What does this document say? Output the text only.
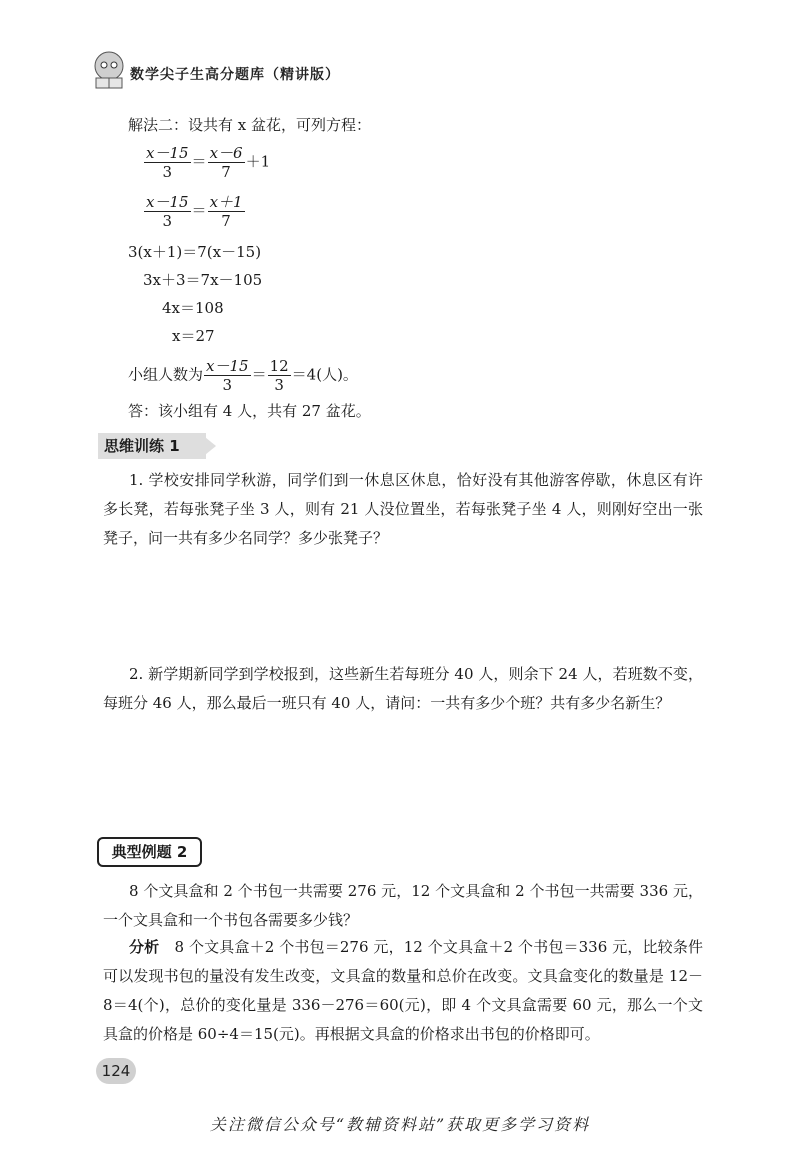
数学尖子生高分题库（精讲版）
解法二：设共有 x 盆花，可列方程：
$\frac{x-15}{3} = \frac{x-6}{7} +1$
$\frac{x-15}{3} = \frac{x+1}{7}$
3(x＋1)＝7(x－15)
3x＋3＝7x－105
4x＝108
x＝27
小组人数为 $\frac{x-15}{3} = \frac{12}{3} =4$(人)。
答：该小组有 4 人，共有 27 盆花。
思维训练 1
1. 学校安排同学秋游，同学们到一休息区休息，恰好没有其他游客停歇，休息区有许多长凳，若每张凳子坐 3 人，则有 21 人没位置坐，若每张凳子坐 4 人，则刚好空出一张凳子，问一共有多少名同学？多少张凳子？
2. 新学期新同学到学校报到，这些新生若每班分 40 人，则余下 24 人，若班数不变，每班分 46 人，那么最后一班只有 40 人，请问：一共有多少个班？共有多少名新生？
典型例题 2
8 个文具盒和 2 个书包一共需要 276 元，12 个文具盒和 2 个书包一共需要 336 元，一个文具盒和一个书包各需要多少钱？
分析　 8 个文具盒＋2 个书包＝276 元，12 个文具盒＋2 个书包＝336 元，比较条件可以发现书包的量没有发生改变，文具盒的数量和总价在改变。文具盒变化的数量是 12－8＝4(个)，总价的变化量是 336－276＝60(元)，即 4 个文具盒需要 60 元，那么一个文具盒的价格是 60÷4＝15(元)。再根据文具盒的价格求出书包的价格即可。
124
关注微信公众号“教辅资料站”获取更多学习资料
